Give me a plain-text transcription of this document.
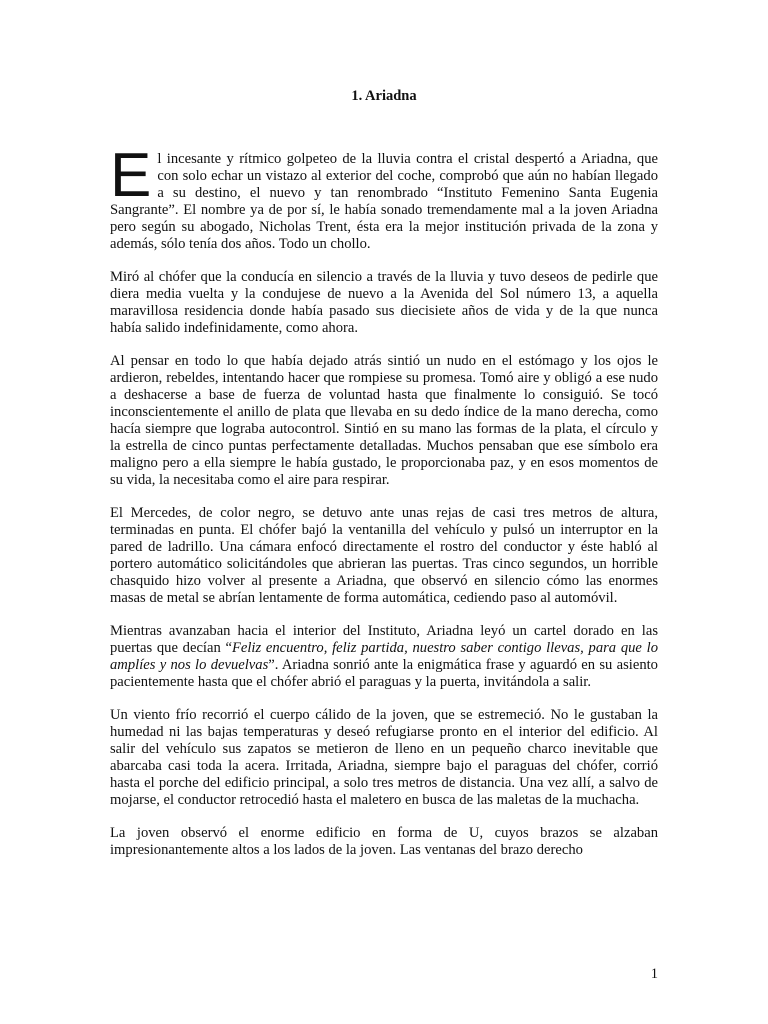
1. Ariadna

El incesante y rítmico golpeteo de la lluvia contra el cristal despertó a Ariadna, que con solo echar un vistazo al exterior del coche, comprobó que aún no habían llegado a su destino, el nuevo y tan renombrado “Instituto Femenino Santa Eugenia Sangrante”. El nombre ya de por sí, le había sonado tremendamente mal a la joven Ariadna pero según su abogado, Nicholas Trent, ésta era la mejor institución privada de la zona y además, sólo tenía dos años. Todo un chollo.

Miró al chófer que la conducía en silencio a través de la lluvia y tuvo deseos de pedirle que diera media vuelta y la condujese de nuevo a la Avenida del Sol número 13, a aquella maravillosa residencia donde había pasado sus diecisiete años de vida y de la que nunca había salido indefinidamente, como ahora.

Al pensar en todo lo que había dejado atrás sintió un nudo en el estómago y los ojos le ardieron, rebeldes, intentando hacer que rompiese su promesa. Tomó aire y obligó a ese nudo a deshacerse a base de fuerza de voluntad hasta que finalmente lo consiguió. Se tocó inconscientemente el anillo de plata que llevaba en su dedo índice de la mano derecha, como hacía siempre que lograba autocontrol. Sintió en su mano las formas de la plata, el círculo y la estrella de cinco puntas perfectamente detalladas. Muchos pensaban que ese símbolo era maligno pero a ella siempre le había gustado, le proporcionaba paz, y en esos momentos de su vida, la necesitaba como el aire para respirar.

El Mercedes, de color negro, se detuvo ante unas rejas de casi tres metros de altura, terminadas en punta. El chófer bajó la ventanilla del vehículo y pulsó un interruptor en la pared de ladrillo. Una cámara enfocó directamente el rostro del conductor y éste habló al portero automático solicitándoles que abrieran las puertas. Tras cinco segundos, un horrible chasquido hizo volver al presente a Ariadna, que observó en silencio cómo las enormes masas de metal se abrían lentamente de forma automática, cediendo paso al automóvil.

Mientras avanzaban hacia el interior del Instituto, Ariadna leyó un cartel dorado en las puertas que decían “Feliz encuentro, feliz partida, nuestro saber contigo llevas, para que lo amplíes y nos lo devuelvas”. Ariadna sonrió ante la enigmática frase y aguardó en su asiento pacientemente hasta que el chófer abrió el paraguas y la puerta, invitándola a salir.

Un viento frío recorrió el cuerpo cálido de la joven, que se estremeció. No le gustaban la humedad ni las bajas temperaturas y deseó refugiarse pronto en el interior del edificio. Al salir del vehículo sus zapatos se metieron de lleno en un pequeño charco inevitable que abarcaba casi toda la acera. Irritada, Ariadna, siempre bajo el paraguas del chófer, corrió hasta el porche del edificio principal, a solo tres metros de distancia. Una vez allí, a salvo de mojarse, el conductor retrocedió hasta el maletero en busca de las maletas de la muchacha.

La joven observó el enorme edificio en forma de U, cuyos brazos se alzaban impresionantemente altos a los lados de la joven. Las ventanas del brazo derecho

1
